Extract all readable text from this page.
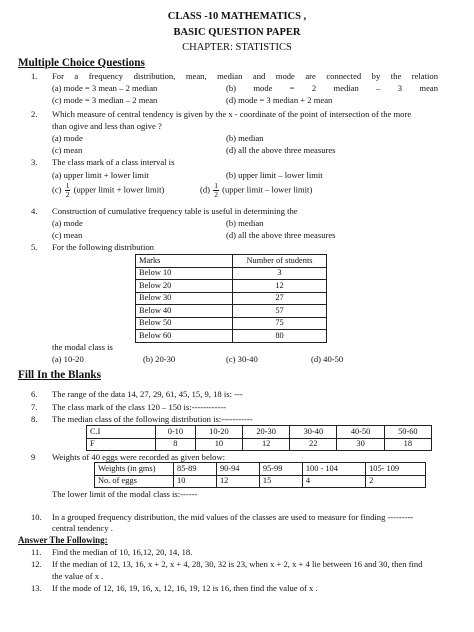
CLASS -10 MATHEMATICS ,
BASIC QUESTION PAPER
CHAPTER: STATISTICS
Multiple Choice Questions
1. For a frequency distribution, mean, median and mode are connected by the relation
(a) mode = 3 mean – 2 median	(b) mode = 2 median – 3 mean
(c) mode = 3 median – 2 mean	(d) mode = 3 median + 2 mean
2. Which measure of central tendency is given by the x - coordinate of the point of intersection of the more
than ogive and less than ogive ?
(a) mode	(b) median
(c) mean	(d) all the above three measures
3. The class mark of a class interval is
(a) upper limit + lower limit	(b) upper limit – lower limit
$(c) \frac{1}{2}$ (upper limit + lower limit)	$(d) \frac{1}{2}$ (upper limit – lower limit)
4. Construction of cumulative frequency table is useful in determining the
(a) mode	(b) median
(c) mean	(d) all the above three measures
5. For the following distribution
Marks	Number of students
Below 10	3
Below 20	12
Below 30	27
Below 40	57
Below 50	75
Below 60	80
the modal class is
(a) 10-20	(b) 20-30	(c) 30-40	(d) 40-50
Fill In the Blanks
6. The range of the data 14, 27, 29, 61, 45, 15, 9, 18 is: ---
7. The class mark of the class 120 – 150 is:------------
8. The median class of the following distribution is:-----------
C.I	0-10	10-20	20-30	30-40	40-50	50-60
F	8	10	12	22	30	18
9 Weights of 40 eggs were recorded as given below:
Weights (in gms)	85-89	90-94	95-99	100 - 104	105- 109
No. of eggs	10	12	15	4	2
The lower limit of the modal class is:------
10. In a grouped frequency distribution, the mid values of the classes are used to measure for finding ---------
central tendency .
Answer The Following:
11. Find the median of 10, 16,12, 20, 14, 18.
12. If the median of 12, 13, 16, x + 2, x + 4, 28, 30, 32 is 23, when x + 2, x + 4 lie between 16 and 30, then find
the value of x .
13. If the mode of 12, 16, 19, 16, x, 12, 16, 19, 12 is 16, then find the value of x .
